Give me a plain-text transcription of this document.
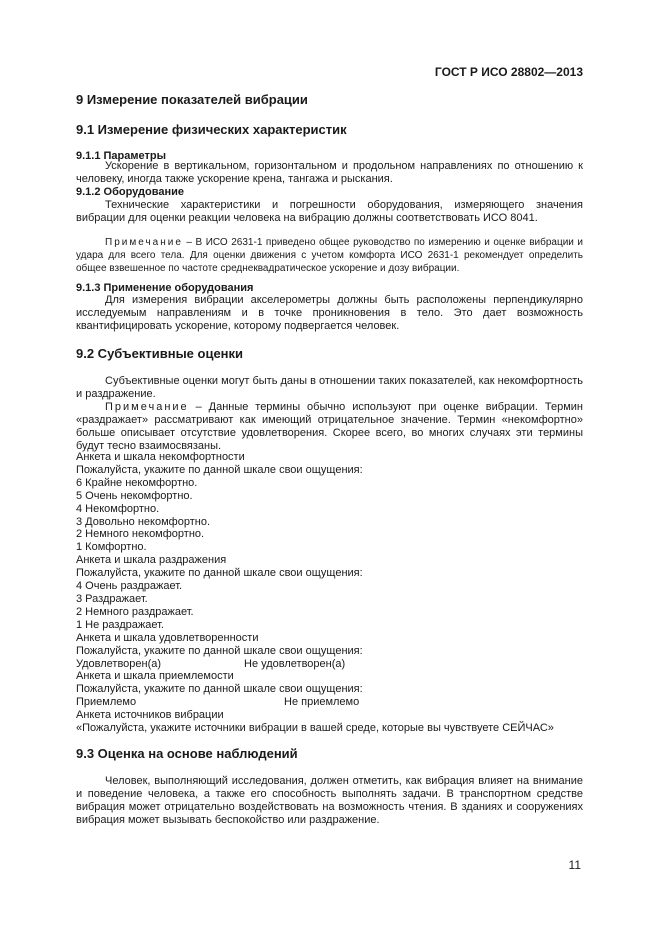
ГОСТ Р ИСО 28802—2013
9 Измерение показателей вибрации
9.1 Измерение физических характеристик
9.1.1 Параметры

Ускорение в вертикальном, горизонтальном и продольном направлениях по отношению к человеку, иногда также ускорение крена, тангажа и рыскания.

9.1.2 Оборудование

Технические характеристики и погрешности оборудования, измеряющего значения вибрации для оценки реакции человека на вибрацию должны соответствовать ИСО 8041.

Примечание – В ИСО 2631-1 приведено общее руководство по измерению и оценке вибрации и удара для всего тела. Для оценки движения с учетом комфорта ИСО 2631-1 рекомендует определить общее взвешенное по частоте среднеквадратическое ускорение и дозу вибрации.

9.1.3 Применение оборудования

Для измерения вибрации акселерометры должны быть расположены перпендикулярно исследуемым направлениям и в точке проникновения в тело. Это дает возможность квантифицировать ускорение, которому подвергается человек.

9.2 Субъективные оценки

Субъективные оценки могут быть даны в отношении таких показателей, как некомфортность и раздражение.

Примечание – Данные термины обычно используют при оценке вибрации. Термин «раздражает» рассматривают как имеющий отрицательное значение. Термин «некомфортно» больше описывает отсутствие удовлетворения. Скорее всего, во многих случаях эти термины будут тесно взаимосвязаны.

Анкета и шкала некомфортности
Пожалуйста, укажите по данной шкале свои ощущения:
6 Крайне некомфортно.
5 Очень некомфортно.
4 Некомфортно.
3 Довольно некомфортно.
2 Немного некомфортно.
1 Комфортно.
Анкета и шкала раздражения
Пожалуйста, укажите по данной шкале свои ощущения:
4 Очень раздражает.
3 Раздражает.
2 Немного раздражает.
1 Не раздражает.
Анкета и шкала удовлетворенности
Пожалуйста, укажите по данной шкале свои ощущения:
Удовлетворен(а)	Не удовлетворен(а)
Анкета и шкала приемлемости
Пожалуйста, укажите по данной шкале свои ощущения:
Приемлемо	Не приемлемо
Анкета источников вибрации
«Пожалуйста, укажите источники вибрации в вашей среде, которые вы чувствуете СЕЙЧАС»
9.3 Оценка на основе наблюдений

Человек, выполняющий исследования, должен отметить, как вибрация влияет на внимание и поведение человека, а также его способность выполнять задачи. В транспортном средстве вибрация может отрицательно воздействовать на возможность чтения. В зданиях и сооружениях вибрация может вызывать беспокойство или раздражение.

11
